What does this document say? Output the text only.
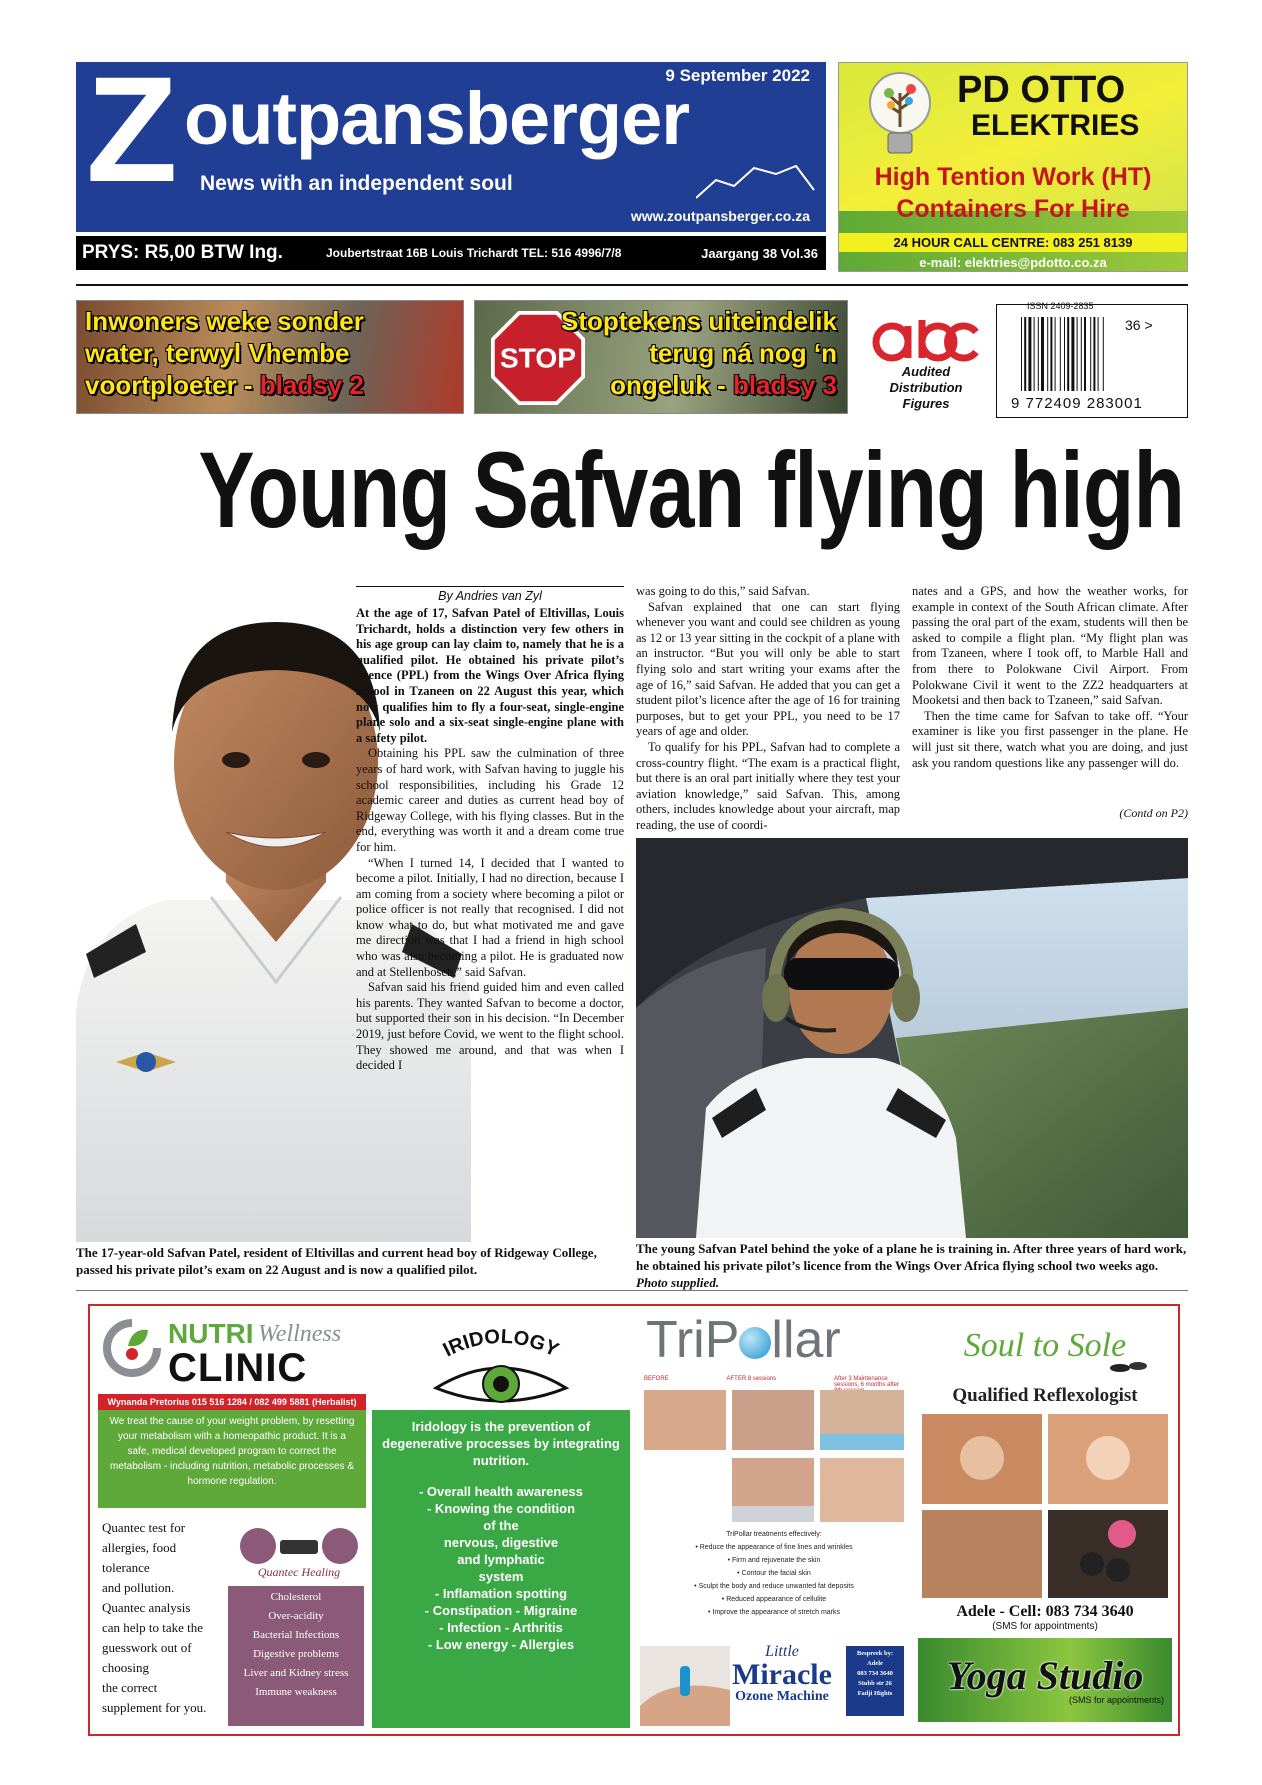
Z outpansberger
9 September 2022
News with an independent soul
www.zoutpansberger.co.za
PRYS: R5,00 BTW Ing.	Joubertstraat 16B Louis Trichardt TEL: 516 4996/7/8	Jaargang 38 Vol.36
PD OTTO
ELEKTRIES
High Tention Work (HT)
Containers For Hire
24 HOUR CALL CENTRE: 083 251 8139
e-mail: elektries@pdotto.co.za
Inwoners weke sonder
water, terwyl Vhembe
voortploeter - bladsy 2
STOP
Stoptekens uiteindelik
terug ná nog ‘n
ongeluk - bladsy 3	Audited
Distribution
Figures
ISSN 2409-2835
36 >
9 772409 283001
Young Safvan flying high
The 17-year-old Safvan Patel, resident of Eltivillas and current head boy of Ridgeway College, passed his private pilot’s exam on 22 August and is now a qualified pilot.
By Andries van Zyl

At the age of 17, Safvan Patel of Eltivillas, Louis Trichardt, holds a distinction very few others in his age group can lay claim to, namely that he is a qualified pilot. He obtained his private pilot’s licence (PPL) from the Wings Over Africa flying school in Tzaneen on 22 August this year, which now qualifies him to fly a four-seat, single-engine plane solo and a six-seat single-engine plane with a safety pilot.

Obtaining his PPL saw the culmination of three years of hard work, with Safvan having to juggle his school responsibilities, including his Grade 12 academic career and duties as current head boy of Ridgeway College, with his flying classes. But in the end, everything was worth it and a dream come true for him.

“When I turned 14, I decided that I wanted to become a pilot. Initially, I had no direction, because I am coming from a society where becoming a pilot or police officer is not really that recognised. I did not know what to do, but what motivated me and gave me direction was that I had a friend in high school who was also becoming a pilot. He is graduated now and at Stellenbosch,” said Safvan.

Safvan said his friend guided him and even called his parents. They wanted Safvan to become a doctor, but supported their son in his decision. “In December 2019, just before Covid, we went to the flight school. They showed me around, and that was when I decided I

was going to do this,” said Safvan.

Safvan explained that one can start flying whenever you want and could see children as young as 12 or 13 year sitting in the cockpit of a plane with an instructor. “But you will only be able to start flying solo and start writing your exams after the age of 16,” said Safvan. He added that you can get a student pilot’s licence after the age of 16 for training purposes, but to get your PPL, you need to be 17 years of age and older.

To qualify for his PPL, Safvan had to complete a cross-country flight. “The exam is a practical flight, but there is an oral part initially where they test your aviation knowledge,” said Safvan. This, among others, includes knowledge about your aircraft, map reading, the use of coordi-

nates and a GPS, and how the weather works, for example in context of the South African climate. After passing the oral part of the exam, students will then be asked to compile a flight plan. “My flight plan was from Tzaneen, where I took off, to Marble Hall and from there to Polokwane Civil Airport. From Polokwane Civil it went to the ZZ2 headquarters at Mooketsi and then back to Tzaneen,” said Safvan.

Then the time came for Safvan to take off. “Your examiner is like you first passenger in the plane. He will just sit there, watch what you are doing, and just ask you random questions like any passenger will do.

(Contd on P2)
The young Safvan Patel behind the yoke of a plane he is training in. After three years of hard work, he obtained his private pilot’s licence from the Wings Over Africa flying school two weeks ago. Photo supplied.
NUTRI Wellness
CLINIC
Wynanda Pretorius 015 516 1284 / 082 499 5881 (Herbalist)
We treat the cause of your weight problem, by resetting your metabolism with a homeopathic product. It is a safe, medical developed program to correct the metabolism - including nutrition, metabolic processes & hormone regulation.
Quantec test for
allergies, food
tolerance
and pollution.
Quantec analysis
can help to take the
guesswork out of
choosing
the correct
supplement for you.
Quantec Healing
Cholesterol
Over-acidity
Bacterial Infections
Digestive problems
Liver and Kidney stress
Immune weakness
IRIDOLOGY
Iridology is the prevention of degenerative processes by integrating nutrition.
- Overall health awareness
- Knowing the condition
of the
nervous, digestive
and lymphatic
system
- Inflamation spotting
- Constipation - Migraine
- Infection - Arthritis
- Low energy - Allergies
TriP llar
BEFORE	AFTER 8 sessions	After 3 Maintenance sessions, 6 months after
TriPollar treatments effectively:
• Reduce the appearance of fine lines and wrinkles
• Firm and rejuvenate the skin
• Contour the facial skin
• Sculpt the body and reduce unwanted fat deposits
• Reduced appearance of cellulite
• Improve the appearance of stretch marks
Little
Miracle
Ozone Machine
Bespreek by:
Adele
083 734 3640
Stubb str 26
Fadji Hights
Soul to Sole
Qualified Reflexologist
Adele - Cell: 083 734 3640
(SMS for appointments)
Yoga Studio
(SMS for appointments)
